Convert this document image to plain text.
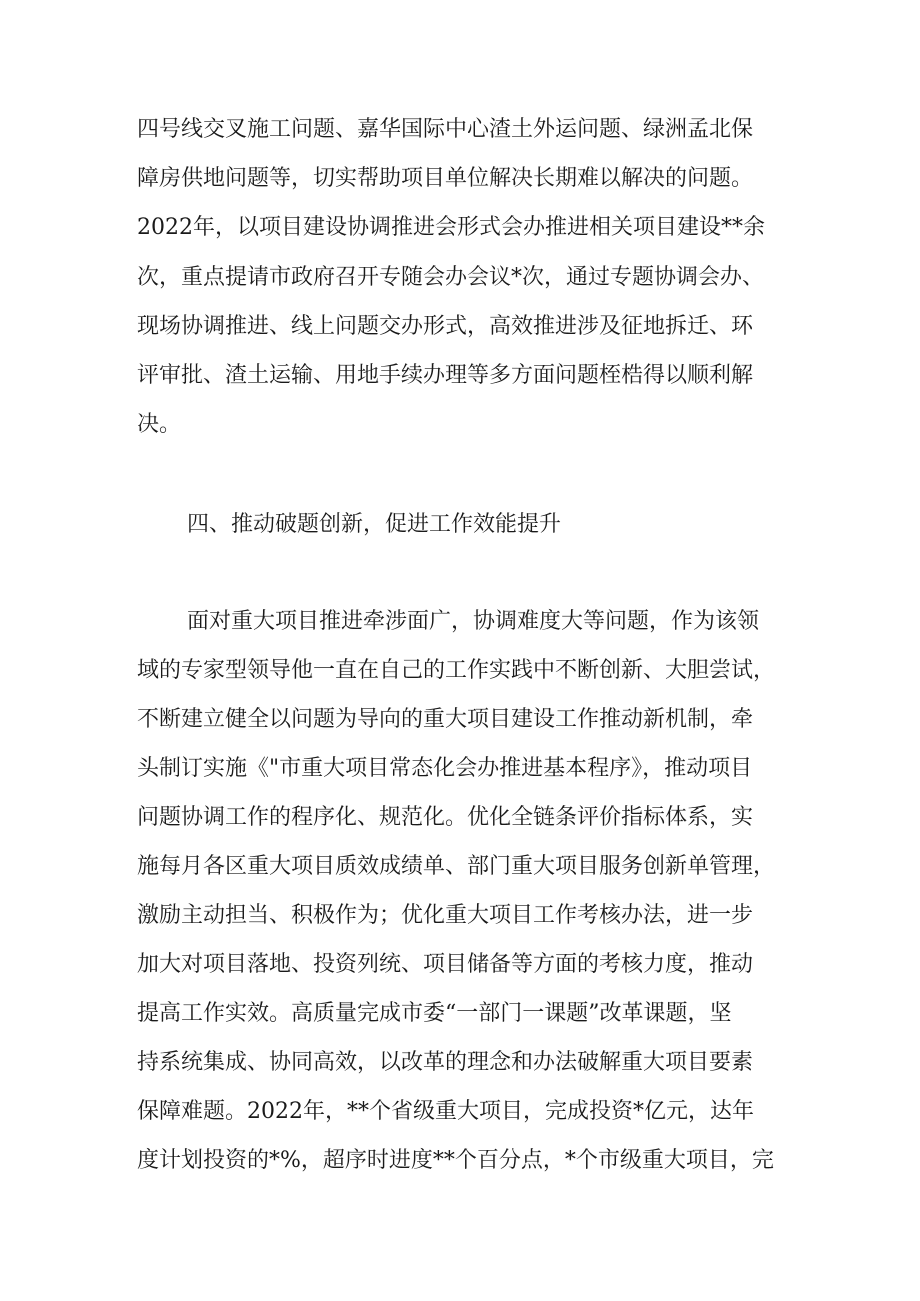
四号线交叉施工问题、嘉华国际中心渣土外运问题、绿洲孟北保
障房供地问题等，切实帮助项目单位解决长期难以解决的问题。
2022年，以项目建设协调推进会形式会办推进相关项目建设**余
次，重点提请市政府召开专随会办会议*次，通过专题协调会办、
现场协调推进、线上问题交办形式，高效推进涉及征地拆迁、环
评审批、渣土运输、用地手续办理等多方面问题桎梏得以顺利解
决。
四、推动破题创新，促进工作效能提升
面对重大项目推进牵涉面广，协调难度大等问题，作为该领
域的专家型领导他一直在自己的工作实践中不断创新、大胆尝试，
不断建立健全以问题为导向的重大项目建设工作推动新机制，牵
头制订实施《"市重大项目常态化会办推进基本程序》，推动项目
问题协调工作的程序化、规范化。优化全链条评价指标体系，实
施每月各区重大项目质效成绩单、部门重大项目服务创新单管理，
激励主动担当、积极作为；优化重大项目工作考核办法，进一步
加大对项目落地、投资列统、项目储备等方面的考核力度，推动
提高工作实效。高质量完成市委“一部门一课题”改革课题，坚
持系统集成、协同高效，以改革的理念和办法破解重大项目要素
保障难题。2022年，**个省级重大项目，完成投资*亿元，达年
度计划投资的*%，超序时进度**个百分点，*个市级重大项目，完
